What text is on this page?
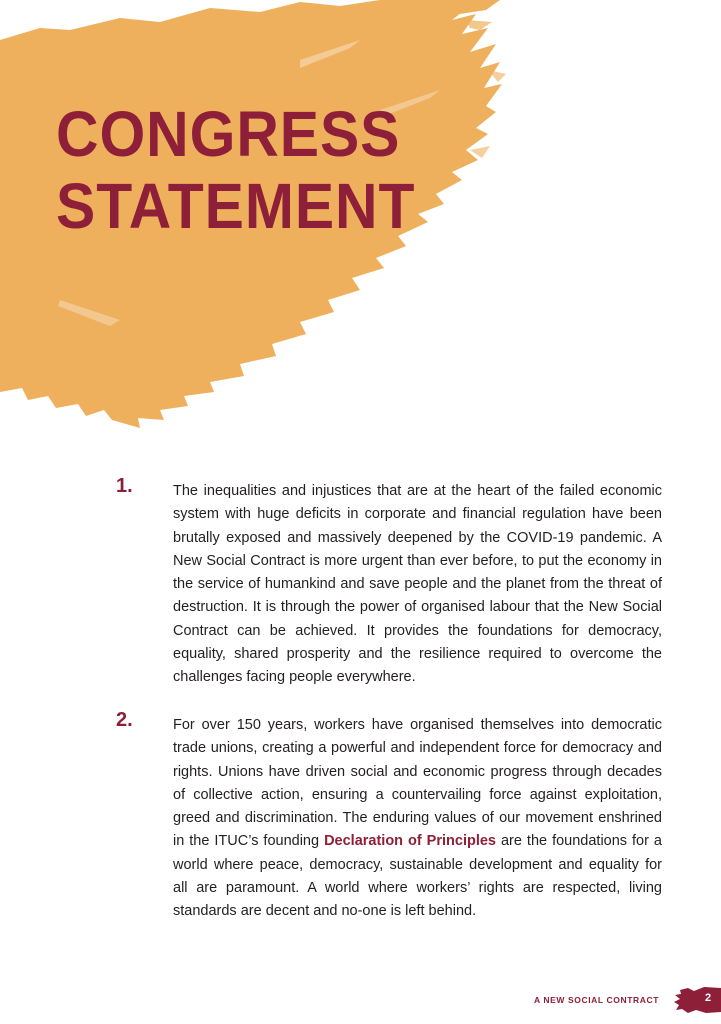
CONGRESS
STATEMENT
1.	The inequalities and injustices that are at the heart of the failed economic system with huge deficits in corporate and financial regulation have been brutally exposed and massively deepened by the COVID-19 pandemic. A New Social Contract is more urgent than ever before, to put the economy in the service of humankind and save people and the planet from the threat of destruction. It is through the power of organised labour that the New Social Contract can be achieved. It provides the foundations for democracy, equality, shared prosperity and the resilience required to overcome the challenges facing people everywhere.

2.	For over 150 years, workers have organised themselves into democratic trade unions, creating a powerful and independent force for democracy and rights. Unions have driven social and economic progress through decades of collective action, ensuring a countervailing force against exploitation, greed and discrimination. The enduring values of our movement enshrined in the ITUC’s founding Declaration of Principles are the foundations for a world where peace, democracy, sustainable development and equality for all are paramount. A world where workers’ rights are respected, living standards are decent and no-one is left behind.

A NEW SOCIAL CONTRACT	2
